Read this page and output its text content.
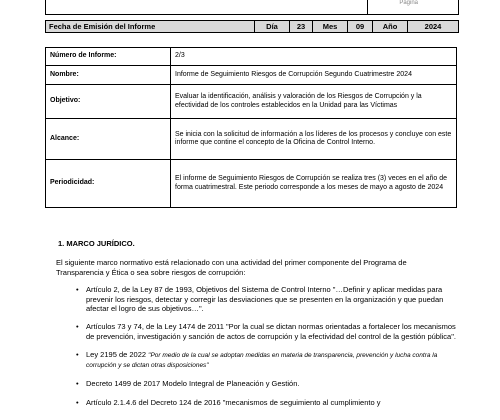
Página
Fecha de Emisión del Informe	Día	23	Mes	09	Año	2024
Número de Informe:	2/3
Nombre:	Informe de Seguimiento Riesgos de Corrupción Segundo Cuatrimestre 2024
Objetivo:	Evaluar la identificación, análisis y valoración de los Riesgos de Corrupción y la efectividad de los controles establecidos en la Unidad para las Víctimas
Alcance:	Se inicia con la solicitud de información a los líderes de los procesos y concluye con este informe que contine el concepto de la Oficina de Control Interno.
Periodicidad:	El informe de Seguimiento Riesgos de Corrupción se realiza tres (3) veces en el año de forma cuatrimestral. Este periodo corresponde a los meses de mayo a agosto de 2024
1. MARCO JURÍDICO.

El siguiente marco normativo está relacionado con una actividad del primer componente del Programa de Transparencia y Ética o sea sobre riesgos de corrupción:

• Artículo 2, de la Ley 87 de 1993, Objetivos del Sistema de Control Interno "…Definir y aplicar medidas para prevenir los riesgos, detectar y corregir las desviaciones que se presenten en la organización y que puedan afectar el logro de sus objetivos…".
• Artículos 73 y 74, de la Ley 1474 de 2011 "Por la cual se dictan normas orientadas a fortalecer los mecanismos de prevención, investigación y sanción de actos de corrupción y la efectividad del control de la gestión pública".
• Ley 2195 de 2022 "Por medio de la cual se adoptan medidas en materia de transparencia, prevención y lucha contra la corrupción y se dictan otras disposiciones"
• Decreto 1499 de 2017 Modelo Integral de Planeación y Gestión.
• Artículo 2.1.4.6 del Decreto 124 de 2016 "mecanismos de seguimiento al cumplimiento y
